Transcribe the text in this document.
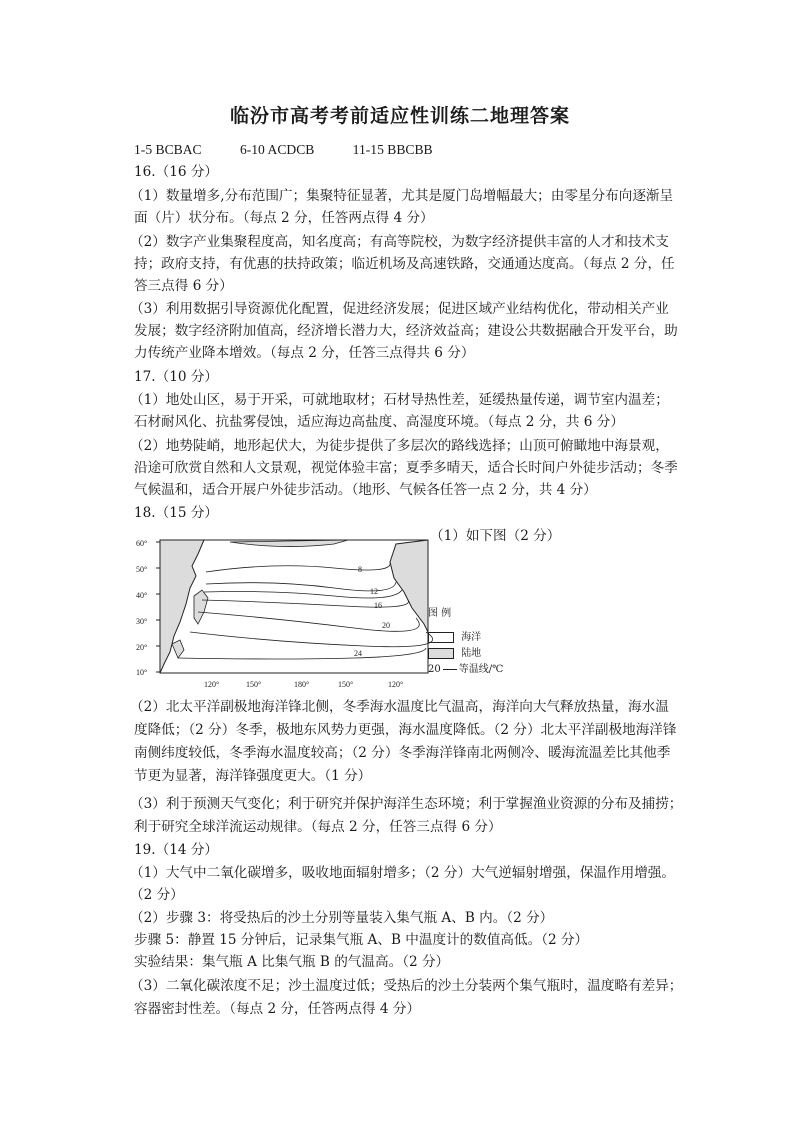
临汾市高考考前适应性训练二地理答案
1-5 BCBAC	6-10 ACDCB	11-15 BBCBB
16.（16 分）
（1）数量增多,分布范围广；集聚特征显著，尤其是厦门岛增幅最大；由零星分布向逐渐呈
面（片）状分布。（每点 2 分，任答两点得 4 分）
（2）数字产业集聚程度高，知名度高；有高等院校，为数字经济提供丰富的人才和技术支
持；政府支持，有优惠的扶持政策；临近机场及高速铁路，交通通达度高。（每点 2 分，任
答三点得 6 分）
（3）利用数据引导资源优化配置，促进经济发展；促进区域产业结构优化，带动相关产业
发展；数字经济附加值高，经济增长潜力大，经济效益高；建设公共数据融合开发平台，助
力传统产业降本增效。（每点 2 分，任答三点得共 6 分）
17.（10 分）
（1）地处山区，易于开采，可就地取材；石材导热性差，延缓热量传递，调节室内温差；
石材耐风化、抗盐雾侵蚀，适应海边高盐度、高湿度环境。（每点 2 分，共 6 分）
（2）地势陡峭，地形起伏大，为徒步提供了多层次的路线选择；山顶可俯瞰地中海景观，
沿途可欣赏自然和人文景观，视觉体验丰富；夏季多晴天，适合长时间户外徒步活动；冬季
气候温和，适合开展户外徒步活动。（地形、气候各任答一点 2 分，共 4 分）
18.（15 分）
（1）如下图（2 分）
60°
50°
40°
30°
20°
10°
120°	150°	180°	150°	120°
8
12
16
20
24
图 例
海洋
陆地
20 等温线/℃
（2）北太平洋副极地海洋锋北侧，冬季海水温度比气温高，海洋向大气释放热量，海水温
度降低；（2 分）冬季，极地东风势力更强，海水温度降低。（2 分）北太平洋副极地海洋锋
南侧纬度较低，冬季海水温度较高；（2 分）冬季海洋锋南北两侧冷、暖海流温差比其他季
节更为显著，海洋锋强度更大。（1 分）
（3）利于预测天气变化；利于研究并保护海洋生态环境；利于掌握渔业资源的分布及捕捞；
利于研究全球洋流运动规律。（每点 2 分，任答三点得 6 分）
19.（14 分）
（1）大气中二氧化碳增多，吸收地面辐射增多；（2 分）大气逆辐射增强，保温作用增强。
（2 分）
（2）步骤 3：将受热后的沙土分别等量装入集气瓶 A、B 内。（2 分）
步骤 5：静置 15 分钟后，记录集气瓶 A、B 中温度计的数值高低。（2 分）
实验结果：集气瓶 A 比集气瓶 B 的气温高。（2 分）
（3）二氧化碳浓度不足；沙土温度过低；受热后的沙土分装两个集气瓶时，温度略有差异；
容器密封性差。（每点 2 分，任答两点得 4 分）
